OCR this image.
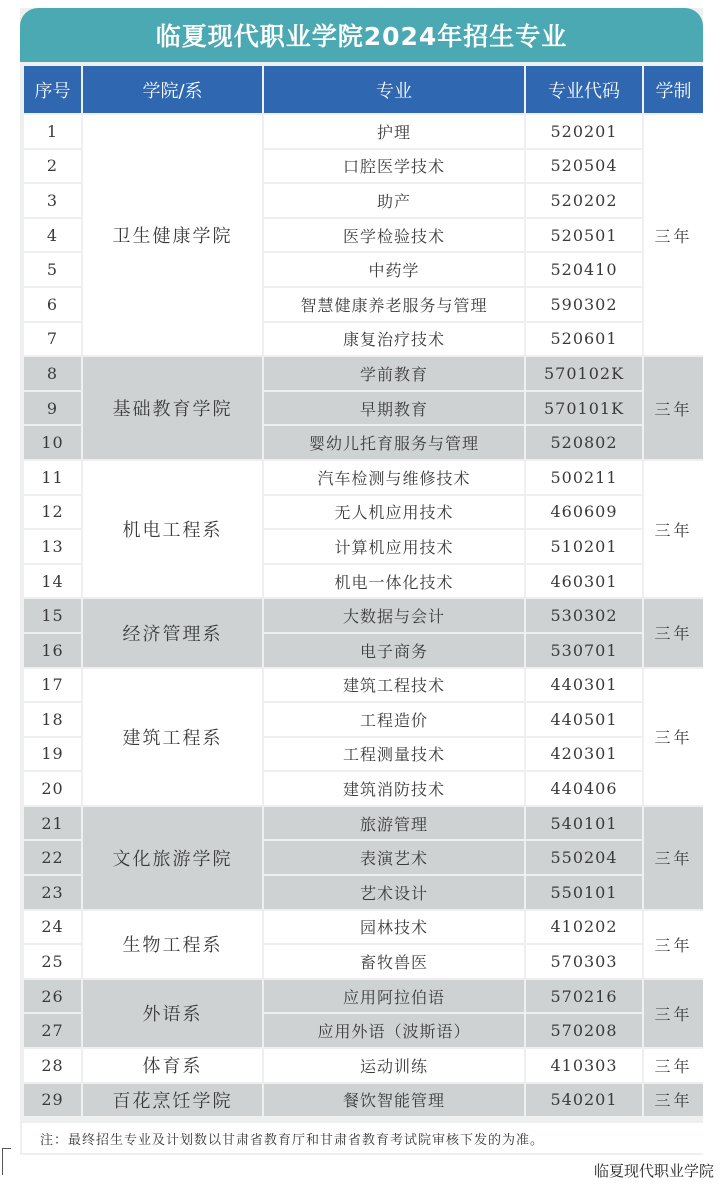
临夏现代职业学院2024年招生专业
序号	学院/系	专业	专业代码	学制
1	卫生健康学院	护理	520201	三年
2		口腔医学技术	520504	
3		助产	520202	
4		医学检验技术	520501	
5		中药学	520410	
6		智慧健康养老服务与管理	590302	
7		康复治疗技术	520601	
8	基础教育学院	学前教育	570102K	三年
9		早期教育	570101K	
10		婴幼儿托育服务与管理	520802	
11	机电工程系	汽车检测与维修技术	500211	三年
12		无人机应用技术	460609	
13		计算机应用技术	510201	
14		机电一体化技术	460301	
15	经济管理系	大数据与会计	530302	三年
16		电子商务	530701	
17	建筑工程系	建筑工程技术	440301	三年
18		工程造价	440501	
19		工程测量技术	420301	
20		建筑消防技术	440406	
21	文化旅游学院	旅游管理	540101	三年
22		表演艺术	550204	
23		艺术设计	550101	
24	生物工程系	园林技术	410202	三年
25		畜牧兽医	570303	
26	外语系	应用阿拉伯语	570216	三年
27		应用外语（波斯语）	570208	
28	体育系	运动训练	410303	三年
29	百花烹饪学院	餐饮智能管理	540201	三年
注：最终招生专业及计划数以甘肃省教育厅和甘肃省教育考试院审核下发的为准。
临夏现代职业学院
